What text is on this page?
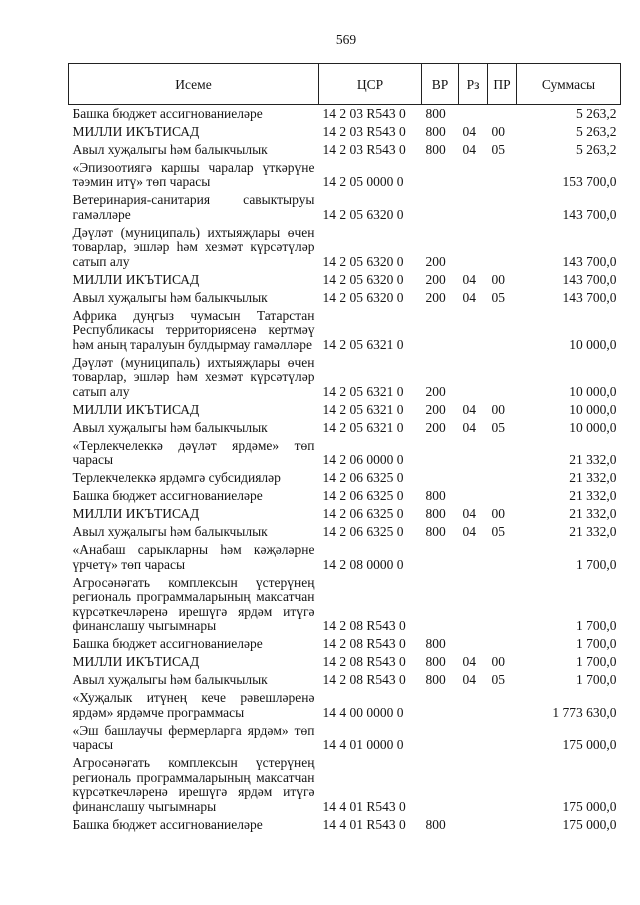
569
Исеме	ЦСР	ВР	Рз	ПР	Суммасы
Башка бюджет ассигнованиеләре	14 2 03 R543 0	800			5 263,2
МИЛЛИ ИКЪТИСАД	14 2 03 R543 0	800	04	00	5 263,2
Авыл хуҗалыгы һәм балыкчылык	14 2 03 R543 0	800	04	05	5 263,2
«Эпизоотиягә каршы чаралар үткәрүне тәэмин итү» төп чарасы	14 2 05 0000 0				153 700,0
Ветеринария-санитария савыктыруы гамәлләре	14 2 05 6320 0				143 700,0
Дәүләт (муниципаль) ихтыяҗлары өчен товарлар, эшләр һәм хезмәт күрсәтүләр сатып алу	14 2 05 6320 0	200			143 700,0
МИЛЛИ ИКЪТИСАД	14 2 05 6320 0	200	04	00	143 700,0
Авыл хуҗалыгы һәм балыкчылык	14 2 05 6320 0	200	04	05	143 700,0
Африка дуңгыз чумасын Татарстан Республикасы территориясенә кертмәү һәм аның таралуын булдырмау гамәлләре	14 2 05 6321 0				10 000,0
Дәүләт (муниципаль) ихтыяҗлары өчен товарлар, эшләр һәм хезмәт күрсәтүләр сатып алу	14 2 05 6321 0	200			10 000,0
МИЛЛИ ИКЪТИСАД	14 2 05 6321 0	200	04	00	10 000,0
Авыл хуҗалыгы һәм балыкчылык	14 2 05 6321 0	200	04	05	10 000,0
«Терлекчелеккә дәүләт ярдәме» төп чарасы	14 2 06 0000 0				21 332,0
Терлекчелеккә ярдәмгә субсидияләр	14 2 06 6325 0				21 332,0
Башка бюджет ассигнованиеләре	14 2 06 6325 0	800			21 332,0
МИЛЛИ ИКЪТИСАД	14 2 06 6325 0	800	04	00	21 332,0
Авыл хуҗалыгы һәм балыкчылык	14 2 06 6325 0	800	04	05	21 332,0
«Анабаш сарыкларны һәм кәҗәләрне үрчетү» төп чарасы	14 2 08 0000 0				1 700,0
Агросәнәгать комплексын үстерүнең региональ программаларының максатчан күрсәткечләренә ирешүгә ярдәм итүгә финанслашу чыгымнары	14 2 08 R543 0				1 700,0
Башка бюджет ассигнованиеләре	14 2 08 R543 0	800			1 700,0
МИЛЛИ ИКЪТИСАД	14 2 08 R543 0	800	04	00	1 700,0
Авыл хуҗалыгы һәм балыкчылык	14 2 08 R543 0	800	04	05	1 700,0
«Хуҗалык итүнең кече рәвешләренә ярдәм» ярдәмче программасы	14 4 00 0000 0				1 773 630,0
«Эш башлаучы фермерларга ярдәм» төп чарасы	14 4 01 0000 0				175 000,0
Агросәнәгать комплексын үстерүнең региональ программаларының максатчан күрсәткечләренә ирешүгә ярдәм итүгә финанслашу чыгымнары	14 4 01 R543 0				175 000,0
Башка бюджет ассигнованиеләре	14 4 01 R543 0	800			175 000,0
